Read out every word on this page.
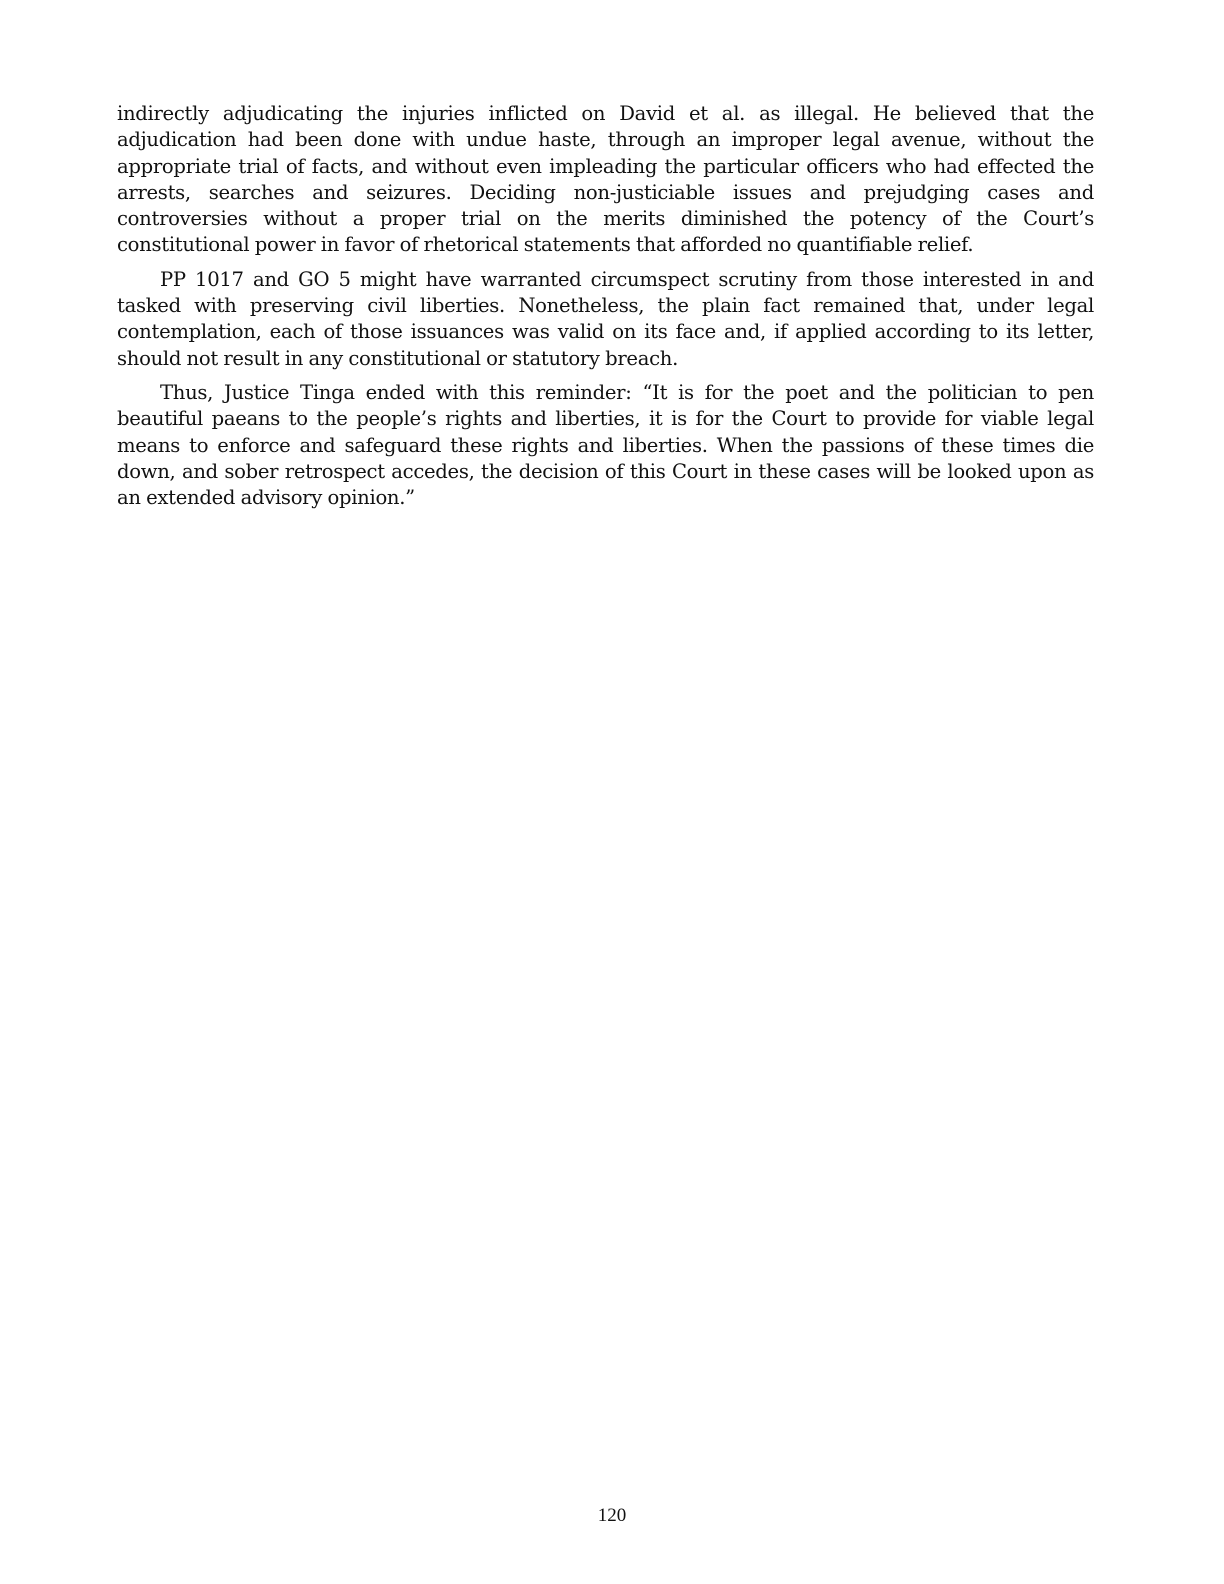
indirectly adjudicating the injuries inflicted on David et al. as illegal. He believed that the adjudication had been done with undue haste, through an improper legal avenue, without the appropriate trial of facts, and without even impleading the particular officers who had effected the arrests, searches and seizures. Deciding non-justiciable issues and prejudging cases and controversies without a proper trial on the merits diminished the potency of the Court’s constitutional power in favor of rhetorical statements that afforded no quantifiable relief.

PP 1017 and GO 5 might have warranted circumspect scrutiny from those interested in and tasked with preserving civil liberties. Nonetheless, the plain fact remained that, under legal contemplation, each of those issuances was valid on its face and, if applied according to its letter, should not result in any constitutional or statutory breach.

Thus, Justice Tinga ended with this reminder: “It is for the poet and the politician to pen beautiful paeans to the people’s rights and liberties, it is for the Court to provide for viable legal means to enforce and safeguard these rights and liberties. When the passions of these times die down, and sober retrospect accedes, the decision of this Court in these cases will be looked upon as an extended advisory opinion.”

120
